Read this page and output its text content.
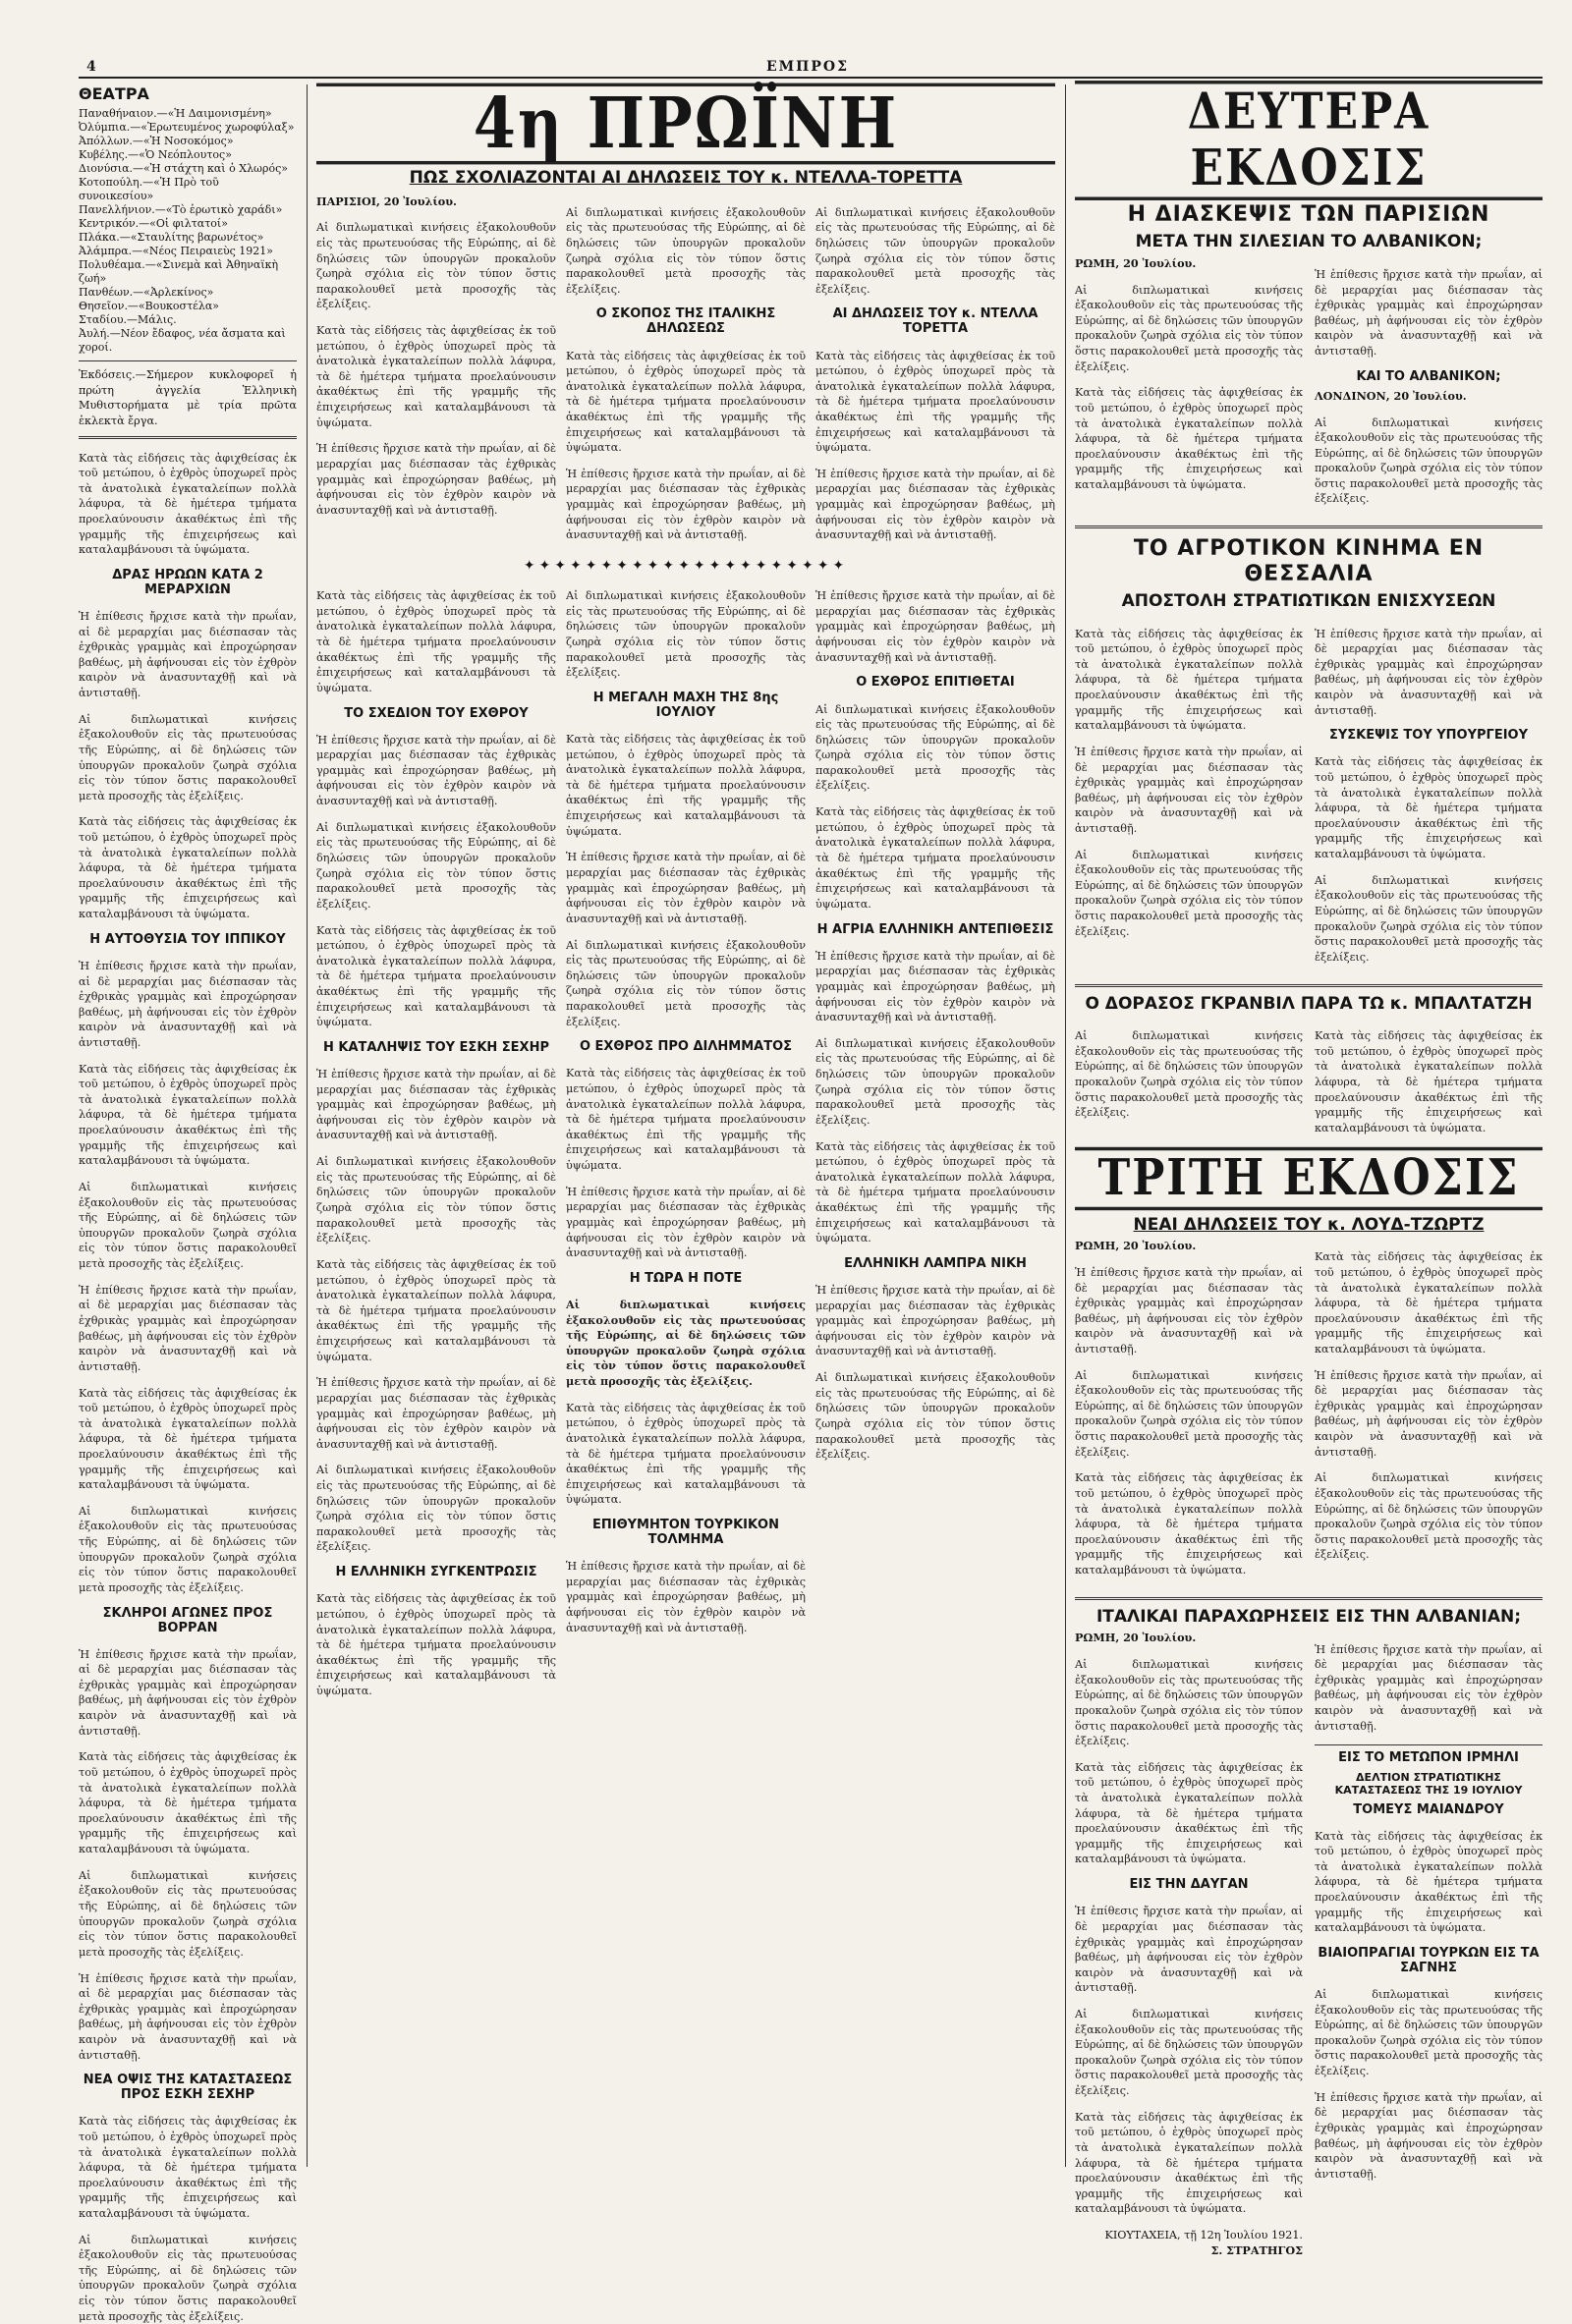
4	ΕΜΠΡΟΣ
ΘΕΑΤΡΑ
Παναθήναιον.—«Ἡ Δαιμονισμένη»
Ὀλύμπια.—«Ἐρωτευμένος χωροφύλαξ»
Ἀπόλλων.—«Ἡ Νοσοκόμος»
Κυβέλης.—«Ὁ Νεόπλουτος»
Διονύσια.—«Ἡ στάχτη καὶ ὁ Χλωρός»
Κοτοπούλη.—«Ἡ Πρὸ τοῦ συνοικεσίου»
Πανελλήνιον.—«Τὸ ἐρωτικὸ χαράδι»
Κεντρικόν.—«Οἱ φιλτατοί»
Πλάκα.—«Σταυλίτης βαρωνέτος»
Ἀλάμπρα.—«Νέος Πειραιεὺς 1921»
Πολυθέαμα.—«Σινεμὰ καὶ Ἀθηναϊκὴ ζωή»
Πανθέων.—«Ἀρλεκίνος»
Θησεῖον.—«Βουκοστέλα»
Σταδίου.—Μάλις.
Ἀυλή.—Νέον ἔδαφος, νέα ἄσματα καὶ χοροί.

Ἐκδόσεις.—Σήμερον κυκλοφορεῖ ἡ πρώτη ἀγγελία Ἑλληνικὴ Μυθιστορήματα μὲ τρία πρῶτα ἑκλεκτὰ ἔργα.

Κατὰ τὰς εἰδήσεις τὰς ἀφιχθείσας ἐκ τοῦ μετώπου, ὁ ἐχθρὸς ὑποχωρεῖ πρὸς τὰ ἀνατολικὰ ἐγκαταλείπων πολλὰ λάφυρα, τὰ δὲ ἡμέτερα τμήματα προελαύνουσιν ἀκαθέκτως ἐπὶ τῆς γραμμῆς τῆς ἐπιχειρήσεως καὶ καταλαμβάνουσι τὰ ὑψώματα.

ΔΡΑΣ ΗΡΩΩΝ ΚΑΤΑ 2 ΜΕΡΑΡΧΙΩΝ

Ἡ ἐπίθεσις ἤρχισε κατὰ τὴν πρωΐαν, αἱ δὲ μεραρχίαι μας διέσπασαν τὰς ἐχθρικὰς γραμμὰς καὶ ἐπροχώρησαν βαθέως, μὴ ἀφήνουσαι εἰς τὸν ἐχθρὸν καιρὸν νὰ ἀνασυνταχθῇ καὶ νὰ ἀντισταθῇ.

Αἱ διπλωματικαὶ κινήσεις ἐξακολουθοῦν εἰς τὰς πρωτευούσας τῆς Εὐρώπης, αἱ δὲ δηλώσεις τῶν ὑπουργῶν προκαλοῦν ζωηρὰ σχόλια εἰς τὸν τύπον ὅστις παρακολουθεῖ μετὰ προσοχῆς τὰς ἐξελίξεις.

Κατὰ τὰς εἰδήσεις τὰς ἀφιχθείσας ἐκ τοῦ μετώπου, ὁ ἐχθρὸς ὑποχωρεῖ πρὸς τὰ ἀνατολικὰ ἐγκαταλείπων πολλὰ λάφυρα, τὰ δὲ ἡμέτερα τμήματα προελαύνουσιν ἀκαθέκτως ἐπὶ τῆς γραμμῆς τῆς ἐπιχειρήσεως καὶ καταλαμβάνουσι τὰ ὑψώματα.

Η ΑΥΤΟΘΥΣΙΑ ΤΟΥ ΙΠΠΙΚΟΥ

Ἡ ἐπίθεσις ἤρχισε κατὰ τὴν πρωΐαν, αἱ δὲ μεραρχίαι μας διέσπασαν τὰς ἐχθρικὰς γραμμὰς καὶ ἐπροχώρησαν βαθέως, μὴ ἀφήνουσαι εἰς τὸν ἐχθρὸν καιρὸν νὰ ἀνασυνταχθῇ καὶ νὰ ἀντισταθῇ.

Κατὰ τὰς εἰδήσεις τὰς ἀφιχθείσας ἐκ τοῦ μετώπου, ὁ ἐχθρὸς ὑποχωρεῖ πρὸς τὰ ἀνατολικὰ ἐγκαταλείπων πολλὰ λάφυρα, τὰ δὲ ἡμέτερα τμήματα προελαύνουσιν ἀκαθέκτως ἐπὶ τῆς γραμμῆς τῆς ἐπιχειρήσεως καὶ καταλαμβάνουσι τὰ ὑψώματα.

Αἱ διπλωματικαὶ κινήσεις ἐξακολουθοῦν εἰς τὰς πρωτευούσας τῆς Εὐρώπης, αἱ δὲ δηλώσεις τῶν ὑπουργῶν προκαλοῦν ζωηρὰ σχόλια εἰς τὸν τύπον ὅστις παρακολουθεῖ μετὰ προσοχῆς τὰς ἐξελίξεις.

Ἡ ἐπίθεσις ἤρχισε κατὰ τὴν πρωΐαν, αἱ δὲ μεραρχίαι μας διέσπασαν τὰς ἐχθρικὰς γραμμὰς καὶ ἐπροχώρησαν βαθέως, μὴ ἀφήνουσαι εἰς τὸν ἐχθρὸν καιρὸν νὰ ἀνασυνταχθῇ καὶ νὰ ἀντισταθῇ.

Κατὰ τὰς εἰδήσεις τὰς ἀφιχθείσας ἐκ τοῦ μετώπου, ὁ ἐχθρὸς ὑποχωρεῖ πρὸς τὰ ἀνατολικὰ ἐγκαταλείπων πολλὰ λάφυρα, τὰ δὲ ἡμέτερα τμήματα προελαύνουσιν ἀκαθέκτως ἐπὶ τῆς γραμμῆς τῆς ἐπιχειρήσεως καὶ καταλαμβάνουσι τὰ ὑψώματα.

Αἱ διπλωματικαὶ κινήσεις ἐξακολουθοῦν εἰς τὰς πρωτευούσας τῆς Εὐρώπης, αἱ δὲ δηλώσεις τῶν ὑπουργῶν προκαλοῦν ζωηρὰ σχόλια εἰς τὸν τύπον ὅστις παρακολουθεῖ μετὰ προσοχῆς τὰς ἐξελίξεις.

ΣΚΛΗΡΟΙ ΑΓΩΝΕΣ ΠΡΟΣ ΒΟΡΡΑΝ

Ἡ ἐπίθεσις ἤρχισε κατὰ τὴν πρωΐαν, αἱ δὲ μεραρχίαι μας διέσπασαν τὰς ἐχθρικὰς γραμμὰς καὶ ἐπροχώρησαν βαθέως, μὴ ἀφήνουσαι εἰς τὸν ἐχθρὸν καιρὸν νὰ ἀνασυνταχθῇ καὶ νὰ ἀντισταθῇ.

Κατὰ τὰς εἰδήσεις τὰς ἀφιχθείσας ἐκ τοῦ μετώπου, ὁ ἐχθρὸς ὑποχωρεῖ πρὸς τὰ ἀνατολικὰ ἐγκαταλείπων πολλὰ λάφυρα, τὰ δὲ ἡμέτερα τμήματα προελαύνουσιν ἀκαθέκτως ἐπὶ τῆς γραμμῆς τῆς ἐπιχειρήσεως καὶ καταλαμβάνουσι τὰ ὑψώματα.

Αἱ διπλωματικαὶ κινήσεις ἐξακολουθοῦν εἰς τὰς πρωτευούσας τῆς Εὐρώπης, αἱ δὲ δηλώσεις τῶν ὑπουργῶν προκαλοῦν ζωηρὰ σχόλια εἰς τὸν τύπον ὅστις παρακολουθεῖ μετὰ προσοχῆς τὰς ἐξελίξεις.

Ἡ ἐπίθεσις ἤρχισε κατὰ τὴν πρωΐαν, αἱ δὲ μεραρχίαι μας διέσπασαν τὰς ἐχθρικὰς γραμμὰς καὶ ἐπροχώρησαν βαθέως, μὴ ἀφήνουσαι εἰς τὸν ἐχθρὸν καιρὸν νὰ ἀνασυνταχθῇ καὶ νὰ ἀντισταθῇ.

ΝΕΑ ΟΨΙΣ ΤΗΣ ΚΑΤΑΣΤΑΣΕΩΣ ΠΡΟΣ ΕΣΚΗ ΣΕΧΗΡ

Κατὰ τὰς εἰδήσεις τὰς ἀφιχθείσας ἐκ τοῦ μετώπου, ὁ ἐχθρὸς ὑποχωρεῖ πρὸς τὰ ἀνατολικὰ ἐγκαταλείπων πολλὰ λάφυρα, τὰ δὲ ἡμέτερα τμήματα προελαύνουσιν ἀκαθέκτως ἐπὶ τῆς γραμμῆς τῆς ἐπιχειρήσεως καὶ καταλαμβάνουσι τὰ ὑψώματα.

Αἱ διπλωματικαὶ κινήσεις ἐξακολουθοῦν εἰς τὰς πρωτευούσας τῆς Εὐρώπης, αἱ δὲ δηλώσεις τῶν ὑπουργῶν προκαλοῦν ζωηρὰ σχόλια εἰς τὸν τύπον ὅστις παρακολουθεῖ μετὰ προσοχῆς τὰς ἐξελίξεις.

4η ΠΡΩΪΝΗ
ΠΩΣ ΣΧΟΛΙΑΖΟΝΤΑΙ ΑΙ ΔΗΛΩΣΕΙΣ ΤΟΥ κ. ΝΤΕΛΛΑ-ΤΟΡΕΤΤΑ

ΠΑΡΙΣΙΟΙ, 20 Ἰουλίου.

Αἱ διπλωματικαὶ κινήσεις ἐξακολουθοῦν εἰς τὰς πρωτευούσας τῆς Εὐρώπης, αἱ δὲ δηλώσεις τῶν ὑπουργῶν προκαλοῦν ζωηρὰ σχόλια εἰς τὸν τύπον ὅστις παρακολουθεῖ μετὰ προσοχῆς τὰς ἐξελίξεις.

Κατὰ τὰς εἰδήσεις τὰς ἀφιχθείσας ἐκ τοῦ μετώπου, ὁ ἐχθρὸς ὑποχωρεῖ πρὸς τὰ ἀνατολικὰ ἐγκαταλείπων πολλὰ λάφυρα, τὰ δὲ ἡμέτερα τμήματα προελαύνουσιν ἀκαθέκτως ἐπὶ τῆς γραμμῆς τῆς ἐπιχειρήσεως καὶ καταλαμβάνουσι τὰ ὑψώματα.

Ἡ ἐπίθεσις ἤρχισε κατὰ τὴν πρωΐαν, αἱ δὲ μεραρχίαι μας διέσπασαν τὰς ἐχθρικὰς γραμμὰς καὶ ἐπροχώρησαν βαθέως, μὴ ἀφήνουσαι εἰς τὸν ἐχθρὸν καιρὸν νὰ ἀνασυνταχθῇ καὶ νὰ ἀντισταθῇ.

Αἱ διπλωματικαὶ κινήσεις ἐξακολουθοῦν εἰς τὰς πρωτευούσας τῆς Εὐρώπης, αἱ δὲ δηλώσεις τῶν ὑπουργῶν προκαλοῦν ζωηρὰ σχόλια εἰς τὸν τύπον ὅστις παρακολουθεῖ μετὰ προσοχῆς τὰς ἐξελίξεις.

Ο ΣΚΟΠΟΣ ΤΗΣ ΙΤΑΛΙΚΗΣ ΔΗΛΩΣΕΩΣ

Κατὰ τὰς εἰδήσεις τὰς ἀφιχθείσας ἐκ τοῦ μετώπου, ὁ ἐχθρὸς ὑποχωρεῖ πρὸς τὰ ἀνατολικὰ ἐγκαταλείπων πολλὰ λάφυρα, τὰ δὲ ἡμέτερα τμήματα προελαύνουσιν ἀκαθέκτως ἐπὶ τῆς γραμμῆς τῆς ἐπιχειρήσεως καὶ καταλαμβάνουσι τὰ ὑψώματα.

Ἡ ἐπίθεσις ἤρχισε κατὰ τὴν πρωΐαν, αἱ δὲ μεραρχίαι μας διέσπασαν τὰς ἐχθρικὰς γραμμὰς καὶ ἐπροχώρησαν βαθέως, μὴ ἀφήνουσαι εἰς τὸν ἐχθρὸν καιρὸν νὰ ἀνασυνταχθῇ καὶ νὰ ἀντισταθῇ.

Αἱ διπλωματικαὶ κινήσεις ἐξακολουθοῦν εἰς τὰς πρωτευούσας τῆς Εὐρώπης, αἱ δὲ δηλώσεις τῶν ὑπουργῶν προκαλοῦν ζωηρὰ σχόλια εἰς τὸν τύπον ὅστις παρακολουθεῖ μετὰ προσοχῆς τὰς ἐξελίξεις.

ΑΙ ΔΗΛΩΣΕΙΣ ΤΟΥ κ. ΝΤΕΛΛΑ ΤΟΡΕΤΤΑ

Κατὰ τὰς εἰδήσεις τὰς ἀφιχθείσας ἐκ τοῦ μετώπου, ὁ ἐχθρὸς ὑποχωρεῖ πρὸς τὰ ἀνατολικὰ ἐγκαταλείπων πολλὰ λάφυρα, τὰ δὲ ἡμέτερα τμήματα προελαύνουσιν ἀκαθέκτως ἐπὶ τῆς γραμμῆς τῆς ἐπιχειρήσεως καὶ καταλαμβάνουσι τὰ ὑψώματα.

Ἡ ἐπίθεσις ἤρχισε κατὰ τὴν πρωΐαν, αἱ δὲ μεραρχίαι μας διέσπασαν τὰς ἐχθρικὰς γραμμὰς καὶ ἐπροχώρησαν βαθέως, μὴ ἀφήνουσαι εἰς τὸν ἐχθρὸν καιρὸν νὰ ἀνασυνταχθῇ καὶ νὰ ἀντισταθῇ.

✦✦✦✦✦✦✦✦✦✦✦✦✦✦✦✦✦✦✦✦✦

Κατὰ τὰς εἰδήσεις τὰς ἀφιχθείσας ἐκ τοῦ μετώπου, ὁ ἐχθρὸς ὑποχωρεῖ πρὸς τὰ ἀνατολικὰ ἐγκαταλείπων πολλὰ λάφυρα, τὰ δὲ ἡμέτερα τμήματα προελαύνουσιν ἀκαθέκτως ἐπὶ τῆς γραμμῆς τῆς ἐπιχειρήσεως καὶ καταλαμβάνουσι τὰ ὑψώματα.

ΤΟ ΣΧΕΔΙΟΝ ΤΟΥ ΕΧΘΡΟΥ

Ἡ ἐπίθεσις ἤρχισε κατὰ τὴν πρωΐαν, αἱ δὲ μεραρχίαι μας διέσπασαν τὰς ἐχθρικὰς γραμμὰς καὶ ἐπροχώρησαν βαθέως, μὴ ἀφήνουσαι εἰς τὸν ἐχθρὸν καιρὸν νὰ ἀνασυνταχθῇ καὶ νὰ ἀντισταθῇ.

Αἱ διπλωματικαὶ κινήσεις ἐξακολουθοῦν εἰς τὰς πρωτευούσας τῆς Εὐρώπης, αἱ δὲ δηλώσεις τῶν ὑπουργῶν προκαλοῦν ζωηρὰ σχόλια εἰς τὸν τύπον ὅστις παρακολουθεῖ μετὰ προσοχῆς τὰς ἐξελίξεις.

Κατὰ τὰς εἰδήσεις τὰς ἀφιχθείσας ἐκ τοῦ μετώπου, ὁ ἐχθρὸς ὑποχωρεῖ πρὸς τὰ ἀνατολικὰ ἐγκαταλείπων πολλὰ λάφυρα, τὰ δὲ ἡμέτερα τμήματα προελαύνουσιν ἀκαθέκτως ἐπὶ τῆς γραμμῆς τῆς ἐπιχειρήσεως καὶ καταλαμβάνουσι τὰ ὑψώματα.

Η ΚΑΤΑΛΗΨΙΣ ΤΟΥ ΕΣΚΗ ΣΕΧΗΡ

Ἡ ἐπίθεσις ἤρχισε κατὰ τὴν πρωΐαν, αἱ δὲ μεραρχίαι μας διέσπασαν τὰς ἐχθρικὰς γραμμὰς καὶ ἐπροχώρησαν βαθέως, μὴ ἀφήνουσαι εἰς τὸν ἐχθρὸν καιρὸν νὰ ἀνασυνταχθῇ καὶ νὰ ἀντισταθῇ.

Αἱ διπλωματικαὶ κινήσεις ἐξακολουθοῦν εἰς τὰς πρωτευούσας τῆς Εὐρώπης, αἱ δὲ δηλώσεις τῶν ὑπουργῶν προκαλοῦν ζωηρὰ σχόλια εἰς τὸν τύπον ὅστις παρακολουθεῖ μετὰ προσοχῆς τὰς ἐξελίξεις.

Κατὰ τὰς εἰδήσεις τὰς ἀφιχθείσας ἐκ τοῦ μετώπου, ὁ ἐχθρὸς ὑποχωρεῖ πρὸς τὰ ἀνατολικὰ ἐγκαταλείπων πολλὰ λάφυρα, τὰ δὲ ἡμέτερα τμήματα προελαύνουσιν ἀκαθέκτως ἐπὶ τῆς γραμμῆς τῆς ἐπιχειρήσεως καὶ καταλαμβάνουσι τὰ ὑψώματα.

Ἡ ἐπίθεσις ἤρχισε κατὰ τὴν πρωΐαν, αἱ δὲ μεραρχίαι μας διέσπασαν τὰς ἐχθρικὰς γραμμὰς καὶ ἐπροχώρησαν βαθέως, μὴ ἀφήνουσαι εἰς τὸν ἐχθρὸν καιρὸν νὰ ἀνασυνταχθῇ καὶ νὰ ἀντισταθῇ.

Αἱ διπλωματικαὶ κινήσεις ἐξακολουθοῦν εἰς τὰς πρωτευούσας τῆς Εὐρώπης, αἱ δὲ δηλώσεις τῶν ὑπουργῶν προκαλοῦν ζωηρὰ σχόλια εἰς τὸν τύπον ὅστις παρακολουθεῖ μετὰ προσοχῆς τὰς ἐξελίξεις.

Η ΕΛΛΗΝΙΚΗ ΣΥΓΚΕΝΤΡΩΣΙΣ

Κατὰ τὰς εἰδήσεις τὰς ἀφιχθείσας ἐκ τοῦ μετώπου, ὁ ἐχθρὸς ὑποχωρεῖ πρὸς τὰ ἀνατολικὰ ἐγκαταλείπων πολλὰ λάφυρα, τὰ δὲ ἡμέτερα τμήματα προελαύνουσιν ἀκαθέκτως ἐπὶ τῆς γραμμῆς τῆς ἐπιχειρήσεως καὶ καταλαμβάνουσι τὰ ὑψώματα.

Αἱ διπλωματικαὶ κινήσεις ἐξακολουθοῦν εἰς τὰς πρωτευούσας τῆς Εὐρώπης, αἱ δὲ δηλώσεις τῶν ὑπουργῶν προκαλοῦν ζωηρὰ σχόλια εἰς τὸν τύπον ὅστις παρακολουθεῖ μετὰ προσοχῆς τὰς ἐξελίξεις.

Η ΜΕΓΑΛΗ ΜΑΧΗ ΤΗΣ 8ης ΙΟΥΛΙΟΥ

Κατὰ τὰς εἰδήσεις τὰς ἀφιχθείσας ἐκ τοῦ μετώπου, ὁ ἐχθρὸς ὑποχωρεῖ πρὸς τὰ ἀνατολικὰ ἐγκαταλείπων πολλὰ λάφυρα, τὰ δὲ ἡμέτερα τμήματα προελαύνουσιν ἀκαθέκτως ἐπὶ τῆς γραμμῆς τῆς ἐπιχειρήσεως καὶ καταλαμβάνουσι τὰ ὑψώματα.

Ἡ ἐπίθεσις ἤρχισε κατὰ τὴν πρωΐαν, αἱ δὲ μεραρχίαι μας διέσπασαν τὰς ἐχθρικὰς γραμμὰς καὶ ἐπροχώρησαν βαθέως, μὴ ἀφήνουσαι εἰς τὸν ἐχθρὸν καιρὸν νὰ ἀνασυνταχθῇ καὶ νὰ ἀντισταθῇ.

Αἱ διπλωματικαὶ κινήσεις ἐξακολουθοῦν εἰς τὰς πρωτευούσας τῆς Εὐρώπης, αἱ δὲ δηλώσεις τῶν ὑπουργῶν προκαλοῦν ζωηρὰ σχόλια εἰς τὸν τύπον ὅστις παρακολουθεῖ μετὰ προσοχῆς τὰς ἐξελίξεις.

Ο ΕΧΘΡΟΣ ΠΡΟ ΔΙΛΗΜΜΑΤΟΣ

Κατὰ τὰς εἰδήσεις τὰς ἀφιχθείσας ἐκ τοῦ μετώπου, ὁ ἐχθρὸς ὑποχωρεῖ πρὸς τὰ ἀνατολικὰ ἐγκαταλείπων πολλὰ λάφυρα, τὰ δὲ ἡμέτερα τμήματα προελαύνουσιν ἀκαθέκτως ἐπὶ τῆς γραμμῆς τῆς ἐπιχειρήσεως καὶ καταλαμβάνουσι τὰ ὑψώματα.

Ἡ ἐπίθεσις ἤρχισε κατὰ τὴν πρωΐαν, αἱ δὲ μεραρχίαι μας διέσπασαν τὰς ἐχθρικὰς γραμμὰς καὶ ἐπροχώρησαν βαθέως, μὴ ἀφήνουσαι εἰς τὸν ἐχθρὸν καιρὸν νὰ ἀνασυνταχθῇ καὶ νὰ ἀντισταθῇ.

Η ΤΩΡΑ Η ΠΟΤΕ

Αἱ διπλωματικαὶ κινήσεις ἐξακολουθοῦν εἰς τὰς πρωτευούσας τῆς Εὐρώπης, αἱ δὲ δηλώσεις τῶν ὑπουργῶν προκαλοῦν ζωηρὰ σχόλια εἰς τὸν τύπον ὅστις παρακολουθεῖ μετὰ προσοχῆς τὰς ἐξελίξεις.

Κατὰ τὰς εἰδήσεις τὰς ἀφιχθείσας ἐκ τοῦ μετώπου, ὁ ἐχθρὸς ὑποχωρεῖ πρὸς τὰ ἀνατολικὰ ἐγκαταλείπων πολλὰ λάφυρα, τὰ δὲ ἡμέτερα τμήματα προελαύνουσιν ἀκαθέκτως ἐπὶ τῆς γραμμῆς τῆς ἐπιχειρήσεως καὶ καταλαμβάνουσι τὰ ὑψώματα.

ΕΠΙΘΥΜΗΤΟΝ ΤΟΥΡΚΙΚΟΝ ΤΟΛΜΗΜΑ

Ἡ ἐπίθεσις ἤρχισε κατὰ τὴν πρωΐαν, αἱ δὲ μεραρχίαι μας διέσπασαν τὰς ἐχθρικὰς γραμμὰς καὶ ἐπροχώρησαν βαθέως, μὴ ἀφήνουσαι εἰς τὸν ἐχθρὸν καιρὸν νὰ ἀνασυνταχθῇ καὶ νὰ ἀντισταθῇ.

Ἡ ἐπίθεσις ἤρχισε κατὰ τὴν πρωΐαν, αἱ δὲ μεραρχίαι μας διέσπασαν τὰς ἐχθρικὰς γραμμὰς καὶ ἐπροχώρησαν βαθέως, μὴ ἀφήνουσαι εἰς τὸν ἐχθρὸν καιρὸν νὰ ἀνασυνταχθῇ καὶ νὰ ἀντισταθῇ.

Ο ΕΧΘΡΟΣ ΕΠΙΤΙΘΕΤΑΙ

Αἱ διπλωματικαὶ κινήσεις ἐξακολουθοῦν εἰς τὰς πρωτευούσας τῆς Εὐρώπης, αἱ δὲ δηλώσεις τῶν ὑπουργῶν προκαλοῦν ζωηρὰ σχόλια εἰς τὸν τύπον ὅστις παρακολουθεῖ μετὰ προσοχῆς τὰς ἐξελίξεις.

Κατὰ τὰς εἰδήσεις τὰς ἀφιχθείσας ἐκ τοῦ μετώπου, ὁ ἐχθρὸς ὑποχωρεῖ πρὸς τὰ ἀνατολικὰ ἐγκαταλείπων πολλὰ λάφυρα, τὰ δὲ ἡμέτερα τμήματα προελαύνουσιν ἀκαθέκτως ἐπὶ τῆς γραμμῆς τῆς ἐπιχειρήσεως καὶ καταλαμβάνουσι τὰ ὑψώματα.

Η ΑΓΡΙΑ ΕΛΛΗΝΙΚΗ ΑΝΤΕΠΙΘΕΣΙΣ

Ἡ ἐπίθεσις ἤρχισε κατὰ τὴν πρωΐαν, αἱ δὲ μεραρχίαι μας διέσπασαν τὰς ἐχθρικὰς γραμμὰς καὶ ἐπροχώρησαν βαθέως, μὴ ἀφήνουσαι εἰς τὸν ἐχθρὸν καιρὸν νὰ ἀνασυνταχθῇ καὶ νὰ ἀντισταθῇ.

Αἱ διπλωματικαὶ κινήσεις ἐξακολουθοῦν εἰς τὰς πρωτευούσας τῆς Εὐρώπης, αἱ δὲ δηλώσεις τῶν ὑπουργῶν προκαλοῦν ζωηρὰ σχόλια εἰς τὸν τύπον ὅστις παρακολουθεῖ μετὰ προσοχῆς τὰς ἐξελίξεις.

Κατὰ τὰς εἰδήσεις τὰς ἀφιχθείσας ἐκ τοῦ μετώπου, ὁ ἐχθρὸς ὑποχωρεῖ πρὸς τὰ ἀνατολικὰ ἐγκαταλείπων πολλὰ λάφυρα, τὰ δὲ ἡμέτερα τμήματα προελαύνουσιν ἀκαθέκτως ἐπὶ τῆς γραμμῆς τῆς ἐπιχειρήσεως καὶ καταλαμβάνουσι τὰ ὑψώματα.

ΕΛΛΗΝΙΚΗ ΛΑΜΠΡΑ ΝΙΚΗ

Ἡ ἐπίθεσις ἤρχισε κατὰ τὴν πρωΐαν, αἱ δὲ μεραρχίαι μας διέσπασαν τὰς ἐχθρικὰς γραμμὰς καὶ ἐπροχώρησαν βαθέως, μὴ ἀφήνουσαι εἰς τὸν ἐχθρὸν καιρὸν νὰ ἀνασυνταχθῇ καὶ νὰ ἀντισταθῇ.

Αἱ διπλωματικαὶ κινήσεις ἐξακολουθοῦν εἰς τὰς πρωτευούσας τῆς Εὐρώπης, αἱ δὲ δηλώσεις τῶν ὑπουργῶν προκαλοῦν ζωηρὰ σχόλια εἰς τὸν τύπον ὅστις παρακολουθεῖ μετὰ προσοχῆς τὰς ἐξελίξεις.

ΔΕΥΤΕΡΑ ΕΚΔΟΣΙΣ
Η ΔΙΑΣΚΕΨΙΣ ΤΩΝ ΠΑΡΙΣΙΩΝ
ΜΕΤΑ ΤΗΝ ΣΙΛΕΣΙΑΝ ΤΟ ΑΛΒΑΝΙΚΟΝ;

ΡΩΜΗ, 20 Ἰουλίου.

Αἱ διπλωματικαὶ κινήσεις ἐξακολουθοῦν εἰς τὰς πρωτευούσας τῆς Εὐρώπης, αἱ δὲ δηλώσεις τῶν ὑπουργῶν προκαλοῦν ζωηρὰ σχόλια εἰς τὸν τύπον ὅστις παρακολουθεῖ μετὰ προσοχῆς τὰς ἐξελίξεις.

Κατὰ τὰς εἰδήσεις τὰς ἀφιχθείσας ἐκ τοῦ μετώπου, ὁ ἐχθρὸς ὑποχωρεῖ πρὸς τὰ ἀνατολικὰ ἐγκαταλείπων πολλὰ λάφυρα, τὰ δὲ ἡμέτερα τμήματα προελαύνουσιν ἀκαθέκτως ἐπὶ τῆς γραμμῆς τῆς ἐπιχειρήσεως καὶ καταλαμβάνουσι τὰ ὑψώματα.

Ἡ ἐπίθεσις ἤρχισε κατὰ τὴν πρωΐαν, αἱ δὲ μεραρχίαι μας διέσπασαν τὰς ἐχθρικὰς γραμμὰς καὶ ἐπροχώρησαν βαθέως, μὴ ἀφήνουσαι εἰς τὸν ἐχθρὸν καιρὸν νὰ ἀνασυνταχθῇ καὶ νὰ ἀντισταθῇ.

ΚΑΙ ΤΟ ΑΛΒΑΝΙΚΟΝ;

ΛΟΝΔΙΝΟΝ, 20 Ἰουλίου.

Αἱ διπλωματικαὶ κινήσεις ἐξακολουθοῦν εἰς τὰς πρωτευούσας τῆς Εὐρώπης, αἱ δὲ δηλώσεις τῶν ὑπουργῶν προκαλοῦν ζωηρὰ σχόλια εἰς τὸν τύπον ὅστις παρακολουθεῖ μετὰ προσοχῆς τὰς ἐξελίξεις.

ΤΟ ΑΓΡΟΤΙΚΟΝ ΚΙΝΗΜΑ ΕΝ ΘΕΣΣΑΛΙΑ
ΑΠΟΣΤΟΛΗ ΣΤΡΑΤΙΩΤΙΚΩΝ ΕΝΙΣΧΥΣΕΩΝ

Κατὰ τὰς εἰδήσεις τὰς ἀφιχθείσας ἐκ τοῦ μετώπου, ὁ ἐχθρὸς ὑποχωρεῖ πρὸς τὰ ἀνατολικὰ ἐγκαταλείπων πολλὰ λάφυρα, τὰ δὲ ἡμέτερα τμήματα προελαύνουσιν ἀκαθέκτως ἐπὶ τῆς γραμμῆς τῆς ἐπιχειρήσεως καὶ καταλαμβάνουσι τὰ ὑψώματα.

Ἡ ἐπίθεσις ἤρχισε κατὰ τὴν πρωΐαν, αἱ δὲ μεραρχίαι μας διέσπασαν τὰς ἐχθρικὰς γραμμὰς καὶ ἐπροχώρησαν βαθέως, μὴ ἀφήνουσαι εἰς τὸν ἐχθρὸν καιρὸν νὰ ἀνασυνταχθῇ καὶ νὰ ἀντισταθῇ.

Αἱ διπλωματικαὶ κινήσεις ἐξακολουθοῦν εἰς τὰς πρωτευούσας τῆς Εὐρώπης, αἱ δὲ δηλώσεις τῶν ὑπουργῶν προκαλοῦν ζωηρὰ σχόλια εἰς τὸν τύπον ὅστις παρακολουθεῖ μετὰ προσοχῆς τὰς ἐξελίξεις.

Ἡ ἐπίθεσις ἤρχισε κατὰ τὴν πρωΐαν, αἱ δὲ μεραρχίαι μας διέσπασαν τὰς ἐχθρικὰς γραμμὰς καὶ ἐπροχώρησαν βαθέως, μὴ ἀφήνουσαι εἰς τὸν ἐχθρὸν καιρὸν νὰ ἀνασυνταχθῇ καὶ νὰ ἀντισταθῇ.

ΣΥΣΚΕΨΙΣ ΤΟΥ ΥΠΟΥΡΓΕΙΟΥ

Κατὰ τὰς εἰδήσεις τὰς ἀφιχθείσας ἐκ τοῦ μετώπου, ὁ ἐχθρὸς ὑποχωρεῖ πρὸς τὰ ἀνατολικὰ ἐγκαταλείπων πολλὰ λάφυρα, τὰ δὲ ἡμέτερα τμήματα προελαύνουσιν ἀκαθέκτως ἐπὶ τῆς γραμμῆς τῆς ἐπιχειρήσεως καὶ καταλαμβάνουσι τὰ ὑψώματα.

Αἱ διπλωματικαὶ κινήσεις ἐξακολουθοῦν εἰς τὰς πρωτευούσας τῆς Εὐρώπης, αἱ δὲ δηλώσεις τῶν ὑπουργῶν προκαλοῦν ζωηρὰ σχόλια εἰς τὸν τύπον ὅστις παρακολουθεῖ μετὰ προσοχῆς τὰς ἐξελίξεις.

Ο ΔΟΡΑΣΟΣ ΓΚΡΑΝΒΙΛ ΠΑΡΑ ΤΩ κ. ΜΠΑΛΤΑΤΖΗ

Αἱ διπλωματικαὶ κινήσεις ἐξακολουθοῦν εἰς τὰς πρωτευούσας τῆς Εὐρώπης, αἱ δὲ δηλώσεις τῶν ὑπουργῶν προκαλοῦν ζωηρὰ σχόλια εἰς τὸν τύπον ὅστις παρακολουθεῖ μετὰ προσοχῆς τὰς ἐξελίξεις.

Κατὰ τὰς εἰδήσεις τὰς ἀφιχθείσας ἐκ τοῦ μετώπου, ὁ ἐχθρὸς ὑποχωρεῖ πρὸς τὰ ἀνατολικὰ ἐγκαταλείπων πολλὰ λάφυρα, τὰ δὲ ἡμέτερα τμήματα προελαύνουσιν ἀκαθέκτως ἐπὶ τῆς γραμμῆς τῆς ἐπιχειρήσεως καὶ καταλαμβάνουσι τὰ ὑψώματα.

ΤΡΙΤΗ ΕΚΔΟΣΙΣ
ΝΕΑΙ ΔΗΛΩΣΕΙΣ ΤΟΥ κ. ΛΟΥΔ-ΤΖΩΡΤΖ

ΡΩΜΗ, 20 Ἰουλίου.

Ἡ ἐπίθεσις ἤρχισε κατὰ τὴν πρωΐαν, αἱ δὲ μεραρχίαι μας διέσπασαν τὰς ἐχθρικὰς γραμμὰς καὶ ἐπροχώρησαν βαθέως, μὴ ἀφήνουσαι εἰς τὸν ἐχθρὸν καιρὸν νὰ ἀνασυνταχθῇ καὶ νὰ ἀντισταθῇ.

Αἱ διπλωματικαὶ κινήσεις ἐξακολουθοῦν εἰς τὰς πρωτευούσας τῆς Εὐρώπης, αἱ δὲ δηλώσεις τῶν ὑπουργῶν προκαλοῦν ζωηρὰ σχόλια εἰς τὸν τύπον ὅστις παρακολουθεῖ μετὰ προσοχῆς τὰς ἐξελίξεις.

Κατὰ τὰς εἰδήσεις τὰς ἀφιχθείσας ἐκ τοῦ μετώπου, ὁ ἐχθρὸς ὑποχωρεῖ πρὸς τὰ ἀνατολικὰ ἐγκαταλείπων πολλὰ λάφυρα, τὰ δὲ ἡμέτερα τμήματα προελαύνουσιν ἀκαθέκτως ἐπὶ τῆς γραμμῆς τῆς ἐπιχειρήσεως καὶ καταλαμβάνουσι τὰ ὑψώματα.

Κατὰ τὰς εἰδήσεις τὰς ἀφιχθείσας ἐκ τοῦ μετώπου, ὁ ἐχθρὸς ὑποχωρεῖ πρὸς τὰ ἀνατολικὰ ἐγκαταλείπων πολλὰ λάφυρα, τὰ δὲ ἡμέτερα τμήματα προελαύνουσιν ἀκαθέκτως ἐπὶ τῆς γραμμῆς τῆς ἐπιχειρήσεως καὶ καταλαμβάνουσι τὰ ὑψώματα.

Ἡ ἐπίθεσις ἤρχισε κατὰ τὴν πρωΐαν, αἱ δὲ μεραρχίαι μας διέσπασαν τὰς ἐχθρικὰς γραμμὰς καὶ ἐπροχώρησαν βαθέως, μὴ ἀφήνουσαι εἰς τὸν ἐχθρὸν καιρὸν νὰ ἀνασυνταχθῇ καὶ νὰ ἀντισταθῇ.

Αἱ διπλωματικαὶ κινήσεις ἐξακολουθοῦν εἰς τὰς πρωτευούσας τῆς Εὐρώπης, αἱ δὲ δηλώσεις τῶν ὑπουργῶν προκαλοῦν ζωηρὰ σχόλια εἰς τὸν τύπον ὅστις παρακολουθεῖ μετὰ προσοχῆς τὰς ἐξελίξεις.

ΙΤΑΛΙΚΑΙ ΠΑΡΑΧΩΡΗΣΕΙΣ ΕΙΣ ΤΗΝ ΑΛΒΑΝΙΑΝ;

ΡΩΜΗ, 20 Ἰουλίου.

Αἱ διπλωματικαὶ κινήσεις ἐξακολουθοῦν εἰς τὰς πρωτευούσας τῆς Εὐρώπης, αἱ δὲ δηλώσεις τῶν ὑπουργῶν προκαλοῦν ζωηρὰ σχόλια εἰς τὸν τύπον ὅστις παρακολουθεῖ μετὰ προσοχῆς τὰς ἐξελίξεις.

Κατὰ τὰς εἰδήσεις τὰς ἀφιχθείσας ἐκ τοῦ μετώπου, ὁ ἐχθρὸς ὑποχωρεῖ πρὸς τὰ ἀνατολικὰ ἐγκαταλείπων πολλὰ λάφυρα, τὰ δὲ ἡμέτερα τμήματα προελαύνουσιν ἀκαθέκτως ἐπὶ τῆς γραμμῆς τῆς ἐπιχειρήσεως καὶ καταλαμβάνουσι τὰ ὑψώματα.

ΕΙΣ ΤΗΝ ΔΑΥΓΑΝ

Ἡ ἐπίθεσις ἤρχισε κατὰ τὴν πρωΐαν, αἱ δὲ μεραρχίαι μας διέσπασαν τὰς ἐχθρικὰς γραμμὰς καὶ ἐπροχώρησαν βαθέως, μὴ ἀφήνουσαι εἰς τὸν ἐχθρὸν καιρὸν νὰ ἀνασυνταχθῇ καὶ νὰ ἀντισταθῇ.

Αἱ διπλωματικαὶ κινήσεις ἐξακολουθοῦν εἰς τὰς πρωτευούσας τῆς Εὐρώπης, αἱ δὲ δηλώσεις τῶν ὑπουργῶν προκαλοῦν ζωηρὰ σχόλια εἰς τὸν τύπον ὅστις παρακολουθεῖ μετὰ προσοχῆς τὰς ἐξελίξεις.

Κατὰ τὰς εἰδήσεις τὰς ἀφιχθείσας ἐκ τοῦ μετώπου, ὁ ἐχθρὸς ὑποχωρεῖ πρὸς τὰ ἀνατολικὰ ἐγκαταλείπων πολλὰ λάφυρα, τὰ δὲ ἡμέτερα τμήματα προελαύνουσιν ἀκαθέκτως ἐπὶ τῆς γραμμῆς τῆς ἐπιχειρήσεως καὶ καταλαμβάνουσι τὰ ὑψώματα.

ΚΙΟΥΤΑΧΕΙΑ, τῇ 12η Ἰουλίου 1921.

Σ. ΣΤΡΑΤΗΓΟΣ

Ἡ ἐπίθεσις ἤρχισε κατὰ τὴν πρωΐαν, αἱ δὲ μεραρχίαι μας διέσπασαν τὰς ἐχθρικὰς γραμμὰς καὶ ἐπροχώρησαν βαθέως, μὴ ἀφήνουσαι εἰς τὸν ἐχθρὸν καιρὸν νὰ ἀνασυνταχθῇ καὶ νὰ ἀντισταθῇ.

ΕΙΣ ΤΟ ΜΕΤΩΠΟΝ ΙΡΜΗΛΙ
ΔΕΛΤΙΟΝ ΣΤΡΑΤΙΩΤΙΚΗΣ ΚΑΤΑΣΤΑΣΕΩΣ ΤΗΣ 19 ΙΟΥΛΙΟΥ
ΤΟΜΕΥΣ ΜΑΙΑΝΔΡΟΥ

Κατὰ τὰς εἰδήσεις τὰς ἀφιχθείσας ἐκ τοῦ μετώπου, ὁ ἐχθρὸς ὑποχωρεῖ πρὸς τὰ ἀνατολικὰ ἐγκαταλείπων πολλὰ λάφυρα, τὰ δὲ ἡμέτερα τμήματα προελαύνουσιν ἀκαθέκτως ἐπὶ τῆς γραμμῆς τῆς ἐπιχειρήσεως καὶ καταλαμβάνουσι τὰ ὑψώματα.

ΒΙΑΙΟΠΡΑΓΙΑΙ ΤΟΥΡΚΩΝ ΕΙΣ ΤΑ ΣΑΓΝΗΣ

Αἱ διπλωματικαὶ κινήσεις ἐξακολουθοῦν εἰς τὰς πρωτευούσας τῆς Εὐρώπης, αἱ δὲ δηλώσεις τῶν ὑπουργῶν προκαλοῦν ζωηρὰ σχόλια εἰς τὸν τύπον ὅστις παρακολουθεῖ μετὰ προσοχῆς τὰς ἐξελίξεις.

Ἡ ἐπίθεσις ἤρχισε κατὰ τὴν πρωΐαν, αἱ δὲ μεραρχίαι μας διέσπασαν τὰς ἐχθρικὰς γραμμὰς καὶ ἐπροχώρησαν βαθέως, μὴ ἀφήνουσαι εἰς τὸν ἐχθρὸν καιρὸν νὰ ἀνασυνταχθῇ καὶ νὰ ἀντισταθῇ.
